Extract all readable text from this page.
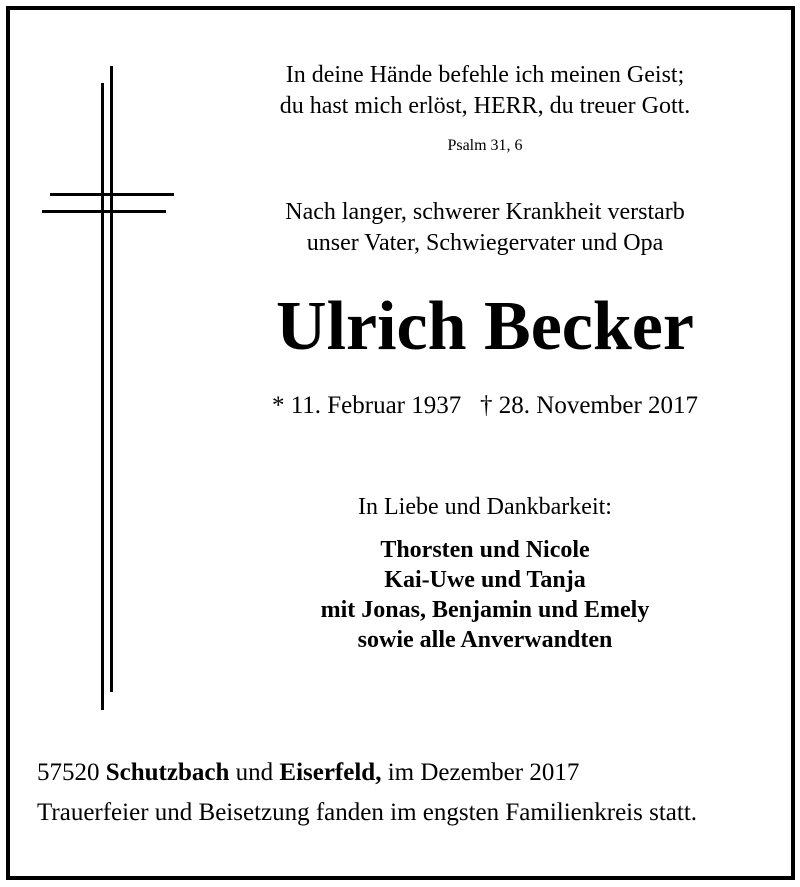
In deine Hände befehle ich meinen Geist;
du hast mich erlöst, HERR, du treuer Gott.
Psalm 31, 6
Nach langer, schwerer Krankheit verstarb
unser Vater, Schwiegervater und Opa
Ulrich Becker
* 11. Februar 1937 † 28. November 2017
In Liebe und Dankbarkeit:
Thorsten und Nicole
Kai-Uwe und Tanja
mit Jonas, Benjamin und Emely
sowie alle Anverwandten
57520 Schutzbach und Eiserfeld, im Dezember 2017
Trauerfeier und Beisetzung fanden im engsten Familienkreis statt.
